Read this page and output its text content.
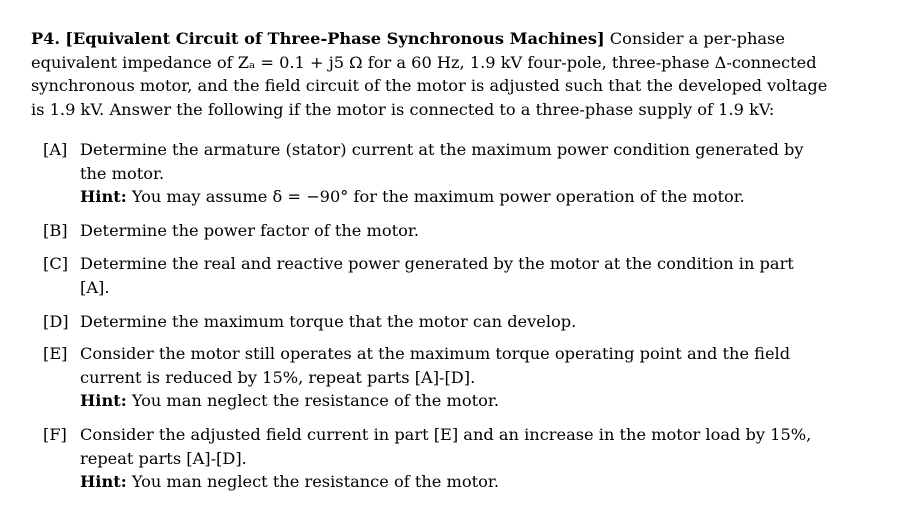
P4. [Equivalent Circuit of Three-Phase Synchronous Machines] Consider a per-phase
equivalent impedance of Zₐ = 0.1 + j5 Ω for a 60 Hz, 1.9 kV four-pole, three-phase Δ-connected
synchronous motor, and the field circuit of the motor is adjusted such that the developed voltage
is 1.9 kV. Answer the following if the motor is connected to a three-phase supply of 1.9 kV:
[A] Determine the armature (stator) current at the maximum power condition generated by
the motor.
Hint: You may assume δ = −90° for the maximum power operation of the motor.
[B] Determine the power factor of the motor.
[C] Determine the real and reactive power generated by the motor at the condition in part
[A].
[D] Determine the maximum torque that the motor can develop.
[E] Consider the motor still operates at the maximum torque operating point and the field
current is reduced by 15%, repeat parts [A]-[D].
Hint: You man neglect the resistance of the motor.
[F] Consider the adjusted field current in part [E] and an increase in the motor load by 15%,
repeat parts [A]-[D].
Hint: You man neglect the resistance of the motor.
